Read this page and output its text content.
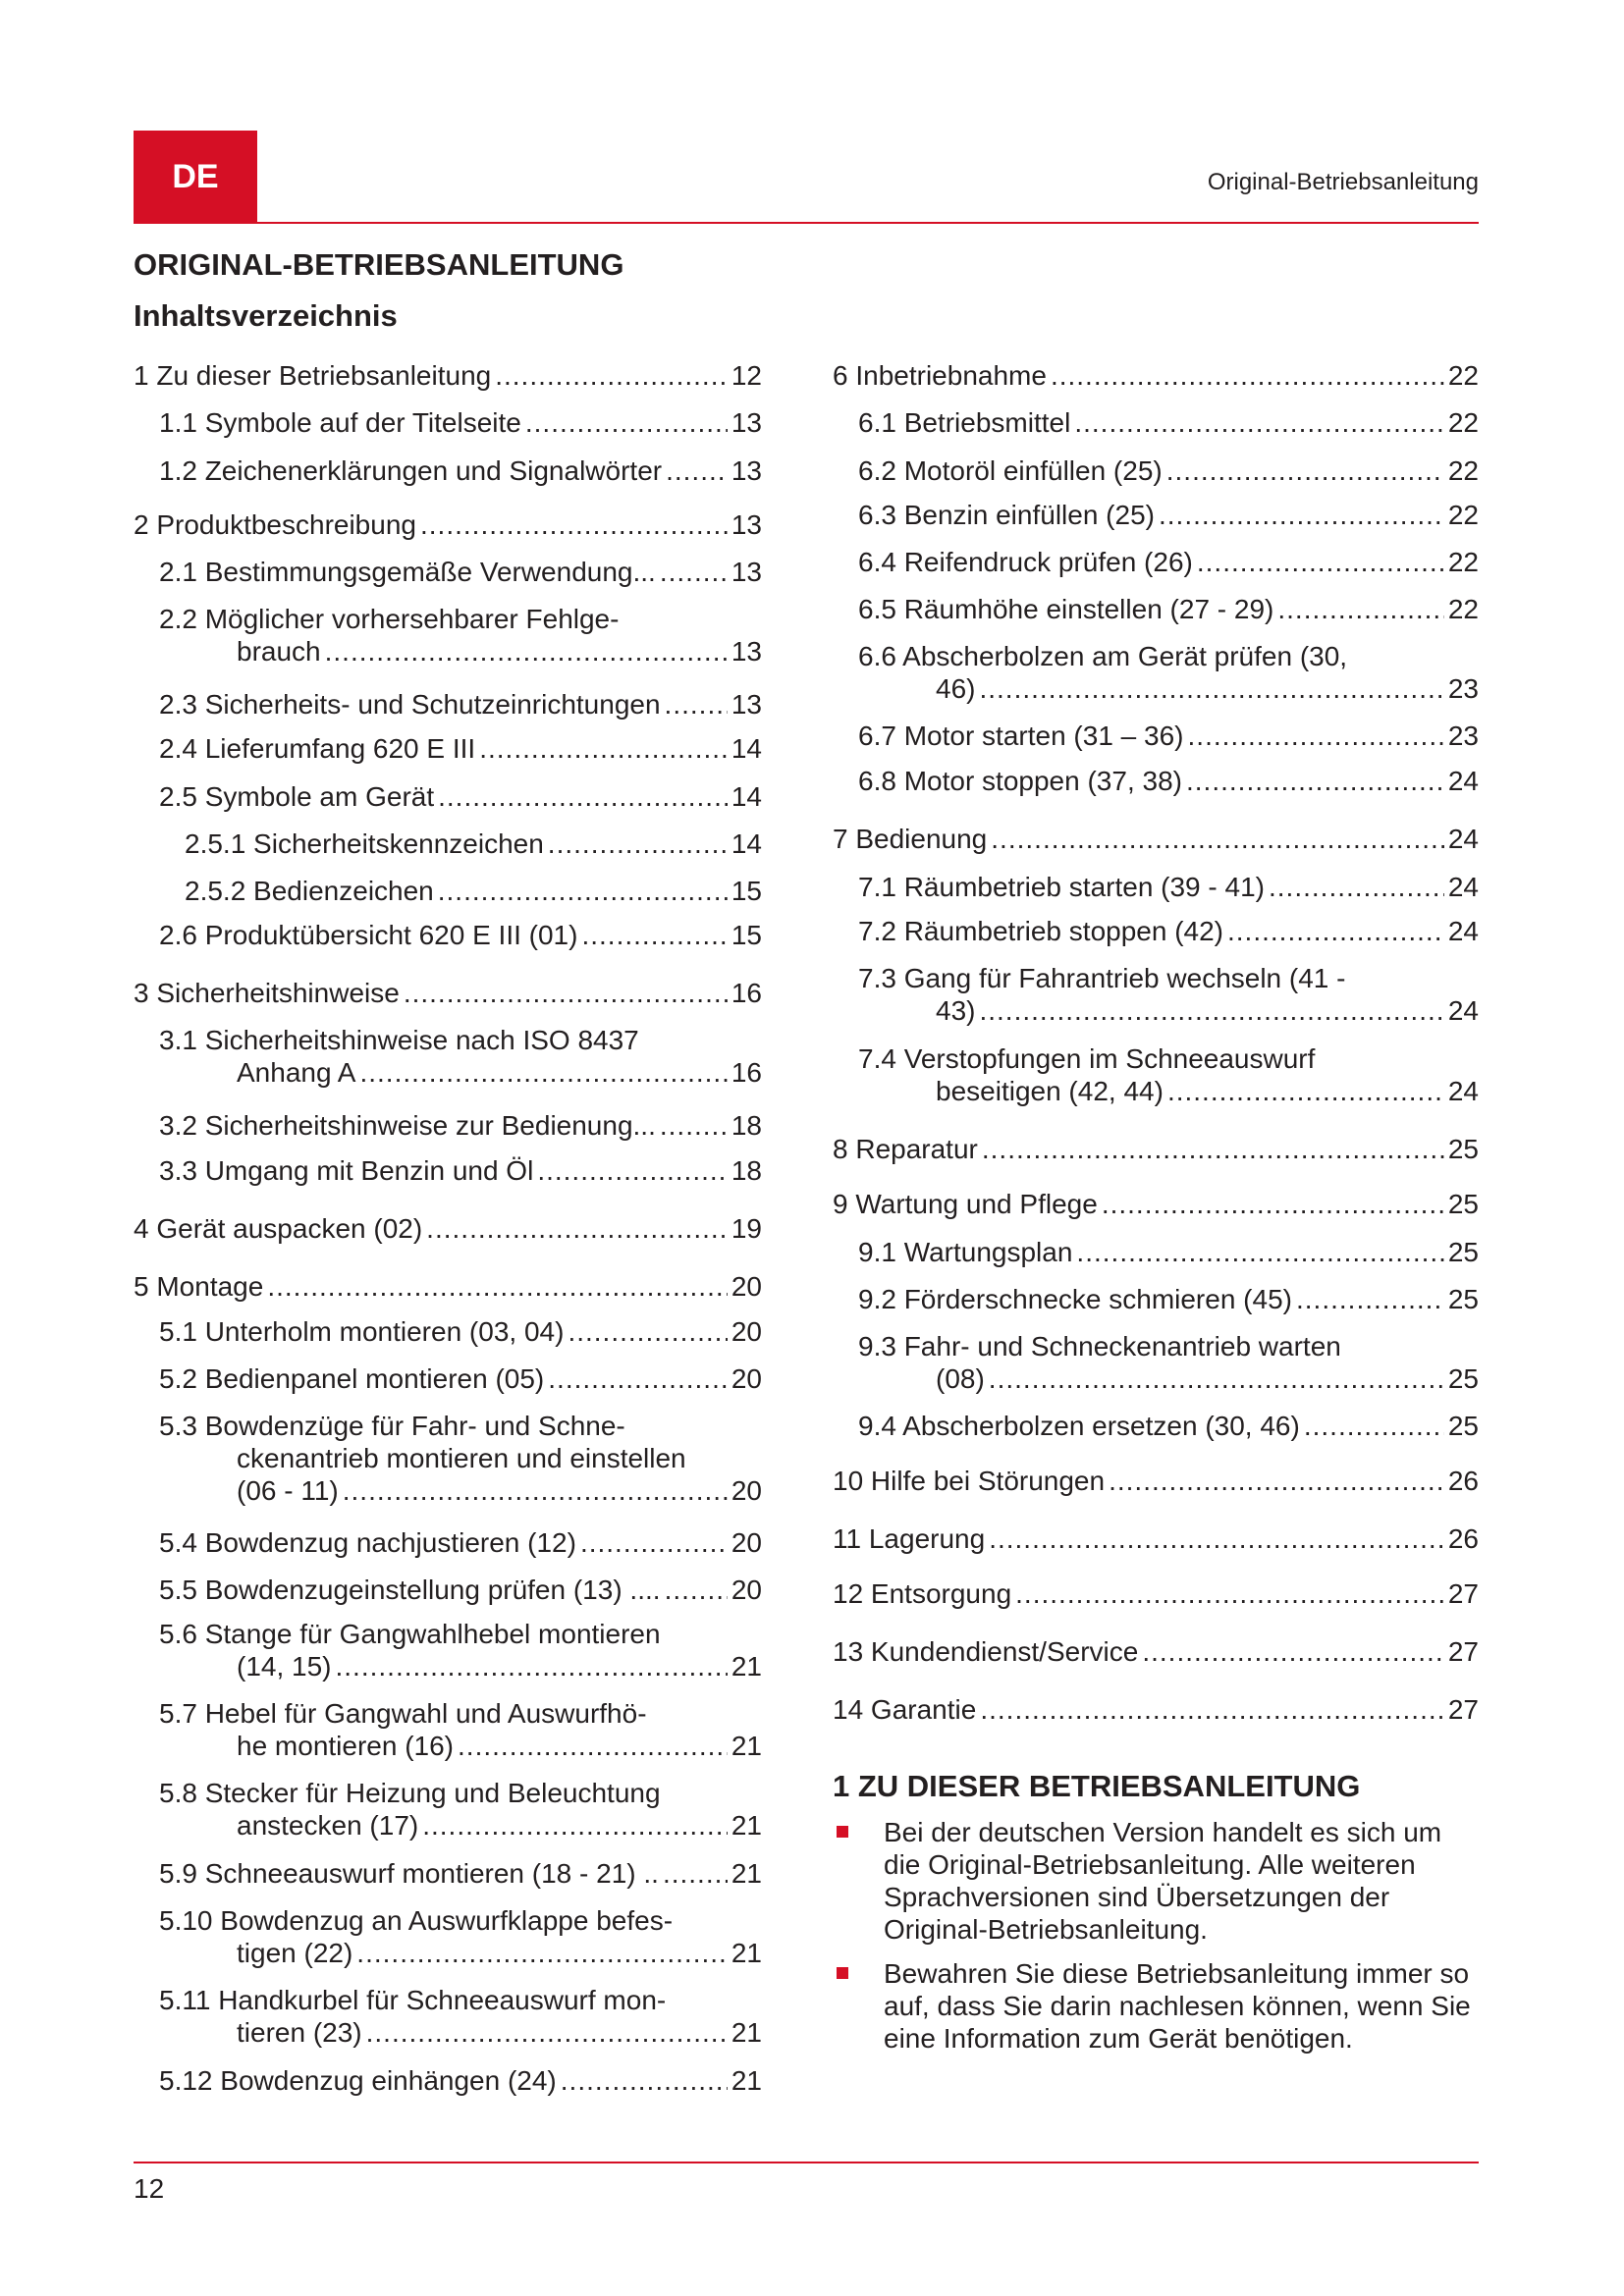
DE	Original-Betriebsanleitung
ORIGINAL-BETRIEBSANLEITUNG
Inhaltsverzeichnis
1 Zu dieser Betriebsanleitung .....	12
1.1 Symbole auf der Titelseite .....	13
1.2 Zeichenerklärungen und Signalwörter .....	13
2 Produktbeschreibung .....	13
2.1 Bestimmungsgemäße Verwendung... .....	13
2.2 Möglicher vorhersehbarer Fehlge-
brauch .....	13
2.3 Sicherheits- und Schutzeinrichtungen .....	13
2.4 Lieferumfang 620 E III .....	14
2.5 Symbole am Gerät .....	14
2.5.1 Sicherheitskennzeichen .....	14
2.5.2 Bedienzeichen .....	15
2.6 Produktübersicht 620 E III (01) .....	15
3 Sicherheitshinweise .....	16
3.1 Sicherheitshinweise nach ISO 8437
Anhang A .....	16
3.2 Sicherheitshinweise zur Bedienung... .....	18
3.3 Umgang mit Benzin und Öl .....	18
4 Gerät auspacken (02) .....	19
5 Montage .....	20
5.1 Unterholm montieren (03, 04) .....	20
5.2 Bedienpanel montieren (05) .....	20
5.3 Bowdenzüge für Fahr- und Schne-
ckenantrieb montieren und einstellen
(06 - 11) .....	20
5.4 Bowdenzug nachjustieren (12) .....	20
5.5 Bowdenzugeinstellung prüfen (13) .... .....	20
5.6 Stange für Gangwahlhebel montieren
(14, 15) .....	21
5.7 Hebel für Gangwahl und Auswurfhö-
he montieren (16) .....	21
5.8 Stecker für Heizung und Beleuchtung
anstecken (17) .....	21
5.9 Schneeauswurf montieren (18 - 21) .. .....	21
5.10 Bowdenzug an Auswurfklappe befes-
tigen (22) .....	21
5.11 Handkurbel für Schneeauswurf mon-
tieren (23) .....	21
5.12 Bowdenzug einhängen (24) .....	21
6 Inbetriebnahme .....	22
6.1 Betriebsmittel .....	22
6.2 Motoröl einfüllen (25) .....	22
6.3 Benzin einfüllen (25) .....	22
6.4 Reifendruck prüfen (26) .....	22
6.5 Räumhöhe einstellen (27 - 29) .....	22
6.6 Abscherbolzen am Gerät prüfen (30,
46) .....	23
6.7 Motor starten (31 – 36) .....	23
6.8 Motor stoppen (37, 38) .....	24
7 Bedienung .....	24
7.1 Räumbetrieb starten (39 - 41) .....	24
7.2 Räumbetrieb stoppen (42) .....	24
7.3 Gang für Fahrantrieb wechseln (41 -
43) .....	24
7.4 Verstopfungen im Schneeauswurf
beseitigen (42, 44) .....	24
8 Reparatur .....	25
9 Wartung und Pflege .....	25
9.1 Wartungsplan .....	25
9.2 Förderschnecke schmieren (45) .....	25
9.3 Fahr- und Schneckenantrieb warten
(08) .....	25
9.4 Abscherbolzen ersetzen (30, 46) .....	25
10 Hilfe bei Störungen .....	26
11 Lagerung .....	26
12 Entsorgung .....	27
13 Kundendienst/Service .....	27
14 Garantie .....	27
1 ZU DIESER BETRIEBSANLEITUNG
Bei der deutschen Version handelt es sich um die Original-Betriebsanleitung. Alle weiteren Sprachversionen sind Übersetzungen der Original-Betriebsanleitung.
Bewahren Sie diese Betriebsanleitung immer so auf, dass Sie darin nachlesen können, wenn Sie eine Information zum Gerät benötigen.
12
